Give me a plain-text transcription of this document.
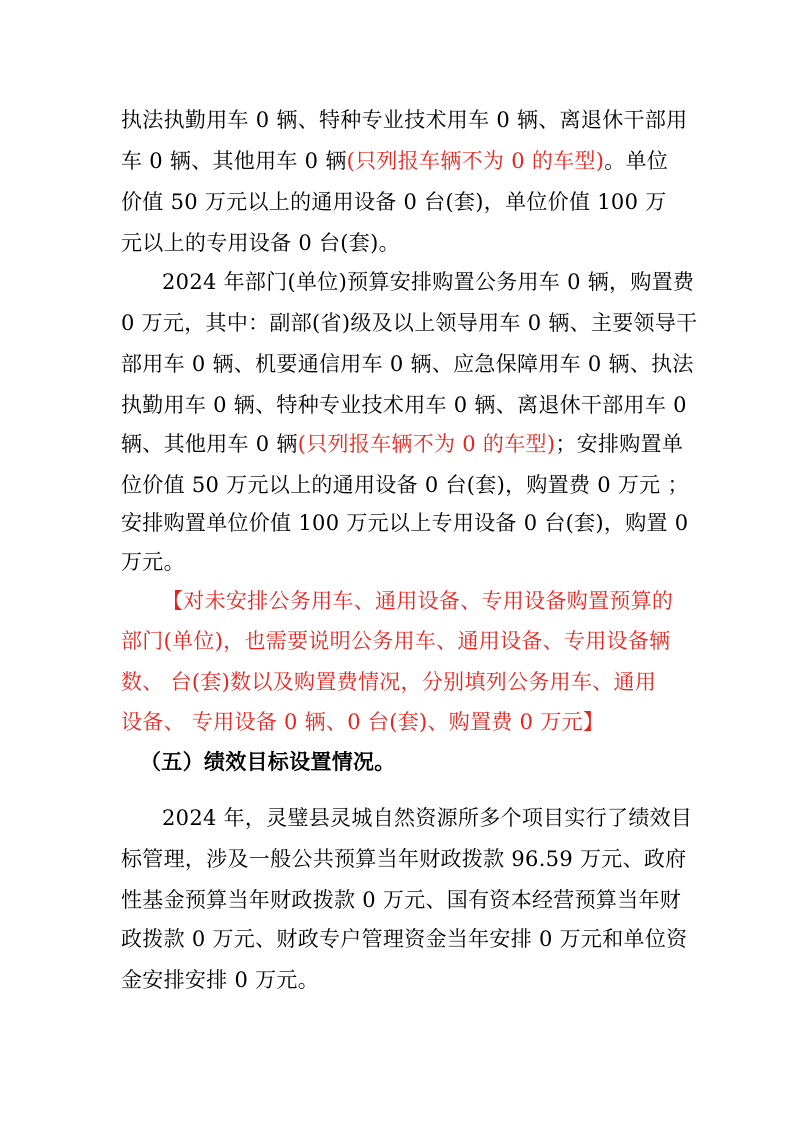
执法执勤用车 0 辆、特种专业技术用车 0 辆、离退休干部用
车 0 辆、其他用车 0 辆(只列报车辆不为 0 的车型)。单位
价值 50 万元以上的通用设备 0 台(套)，单位价值 100 万
元以上的专用设备 0 台(套)。
2024 年部门(单位)预算安排购置公务用车 0 辆，购置费
0 万元，其中：副部(省)级及以上领导用车 0 辆、主要领导干
部用车 0 辆、机要通信用车 0 辆、应急保障用车 0 辆、执法
执勤用车 0 辆、特种专业技术用车 0 辆、离退休干部用车 0
辆、其他用车 0 辆(只列报车辆不为 0 的车型)；安排购置单
位价值 50 万元以上的通用设备 0 台(套)，购置费 0 万元 ；
安排购置单位价值 100 万元以上专用设备 0 台(套)，购置 0
万元。
【对未安排公务用车、通用设备、专用设备购置预算的
部门(单位)，也需要说明公务用车、通用设备、专用设备辆
数、 台(套)数以及购置费情况，分别填列公务用车、通用
设备、 专用设备 0 辆、0 台(套)、购置费 0 万元】
（五）绩效目标设置情况。
2024 年，灵璧县灵城自然资源所多个项目实行了绩效目
标管理，涉及一般公共预算当年财政拨款 96.59 万元、政府
性基金预算当年财政拨款 0 万元、国有资本经营预算当年财
政拨款 0 万元、财政专户管理资金当年安排 0 万元和单位资
金安排安排 0 万元。
